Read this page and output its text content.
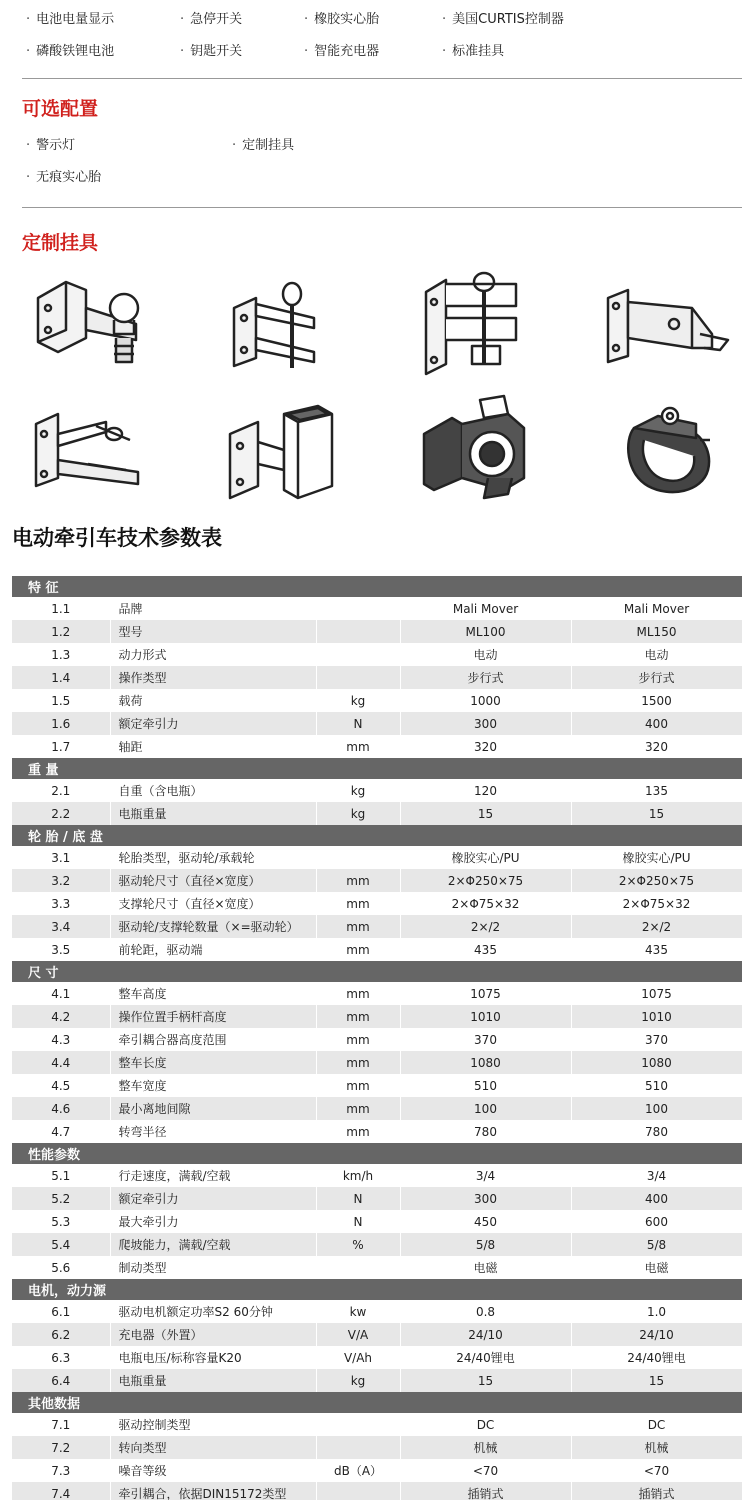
· 电池电量显示	· 急停开关	· 橡胶实心胎	· 美国CURTIS控制器
· 磷酸铁锂电池	· 钥匙开关	· 智能充电器	· 标准挂具
可选配置
· 警示灯	· 定制挂具
· 无痕实心胎
定制挂具
电动牵引车技术参数表
特 征				
1.1	品牌		Mali Mover	Mali Mover
1.2	型号		ML100	ML150
1.3	动力形式		电动	电动
1.4	操作类型		步行式	步行式
1.5	载荷	kg	1000	1500
1.6	额定牵引力	N	300	400
1.7	轴距	mm	320	320
重 量				
2.1	自重（含电瓶）	kg	120	135
2.2	电瓶重量	kg	15	15
轮 胎 / 底 盘				
3.1	轮胎类型，驱动轮/承载轮		橡胶实心/PU	橡胶实心/PU
3.2	驱动轮尺寸（直径×宽度）	mm	2×Φ250×75	2×Φ250×75
3.3	支撑轮尺寸（直径×宽度）	mm	2×Φ75×32	2×Φ75×32
3.4	驱动轮/支撑轮数量（×=驱动轮）	mm	2×/2	2×/2
3.5	前轮距，驱动端	mm	435	435
尺 寸				
4.1	整车高度	mm	1075	1075
4.2	操作位置手柄杆高度	mm	1010	1010
4.3	牵引耦合器高度范围	mm	370	370
4.4	整车长度	mm	1080	1080
4.5	整车宽度	mm	510	510
4.6	最小离地间隙	mm	100	100
4.7	转弯半径	mm	780	780
性能参数				
5.1	行走速度，满载/空载	km/h	3/4	3/4
5.2	额定牵引力	N	300	400
5.3	最大牵引力	N	450	600
5.4	爬坡能力，满载/空载	%	5/8	5/8
5.6	制动类型		电磁	电磁
电机，动力源				
6.1	驱动电机额定功率S2 60分钟	kw	0.8	1.0
6.2	充电器（外置）	V/A	24/10	24/10
6.3	电瓶电压/标称容量K20	V/Ah	24/40锂电	24/40锂电
6.4	电瓶重量	kg	15	15
其他数据				
7.1	驱动控制类型		DC	DC
7.2	转向类型		机械	机械
7.3	噪音等级	dB（A）	<70	<70
7.4	牵引耦合，依据DIN15172类型		插销式	插销式
